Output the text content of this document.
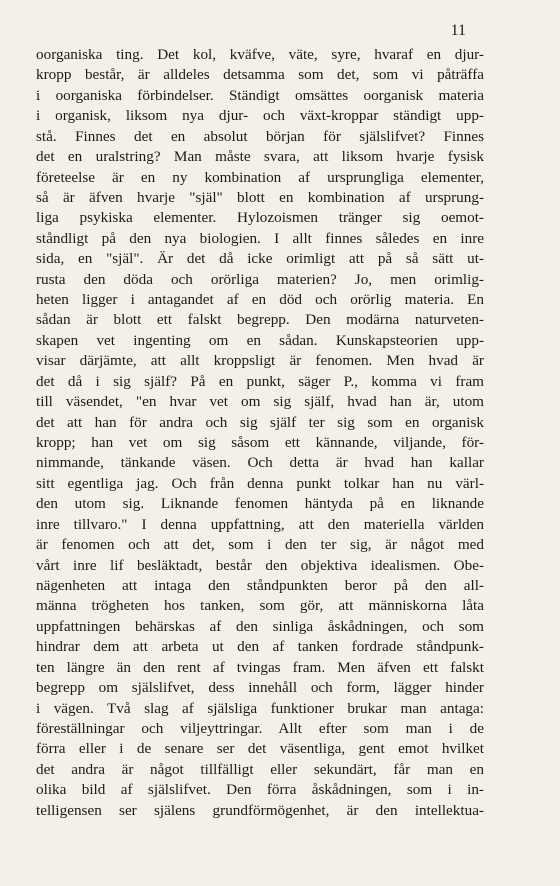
11
oorganiska ting. Det kol, kväfve, väte, syre, hvaraf en djur-
kropp består, är alldeles detsamma som det, som vi påträffa
i oorganiska förbindelser. Ständigt omsättes oorganisk materia
i organisk, liksom nya djur- och växt-kroppar ständigt upp-
stå. Finnes det en absolut början för själslifvet? Finnes
det en uralstring? Man måste svara, att liksom hvarje fysisk
företeelse är en ny kombination af ursprungliga elementer,
så är äfven hvarje "själ" blott en kombination af ursprung-
liga psykiska elementer. Hylozoismen tränger sig oemot-
ståndligt på den nya biologien. I allt finnes således en inre
sida, en "själ". Är det då icke orimligt att på så sätt ut-
rusta den döda och orörliga materien? Jo, men orimlig-
heten ligger i antagandet af en död och orörlig materia. En
sådan är blott ett falskt begrepp. Den modärna naturveten-
skapen vet ingenting om en sådan. Kunskapsteorien upp-
visar därjämte, att allt kroppsligt är fenomen. Men hvad är
det då i sig själf? På en punkt, säger P., komma vi fram
till väsendet, "en hvar vet om sig själf, hvad han är, utom
det att han för andra och sig själf ter sig som en organisk
kropp; han vet om sig såsom ett kännande, viljande, för-
nimmande, tänkande väsen. Och detta är hvad han kallar
sitt egentliga jag. Och från denna punkt tolkar han nu värl-
den utom sig. Liknande fenomen häntyda på en liknande
inre tillvaro." I denna uppfattning, att den materiella världen
är fenomen och att det, som i den ter sig, är något med
vårt inre lif besläktadt, består den objektiva idealismen. Obe-
nägenheten att intaga den ståndpunkten beror på den all-
männa trögheten hos tanken, som gör, att människorna låta
uppfattningen behärskas af den sinliga åskådningen, och som
hindrar dem att arbeta ut den af tanken fordrade ståndpunk-
ten längre än den rent af tvingas fram. Men äfven ett falskt
begrepp om själslifvet, dess innehåll och form, lägger hinder
i vägen. Två slag af själsliga funktioner brukar man antaga:
föreställningar och viljeyttringar. Allt efter som man i de
förra eller i de senare ser det väsentliga, gent emot hvilket
det andra är något tillfälligt eller sekundärt, får man en
olika bild af själslifvet. Den förra åskådningen, som i in-
telligensen ser själens grundförmögenhet, är den intellektua-
